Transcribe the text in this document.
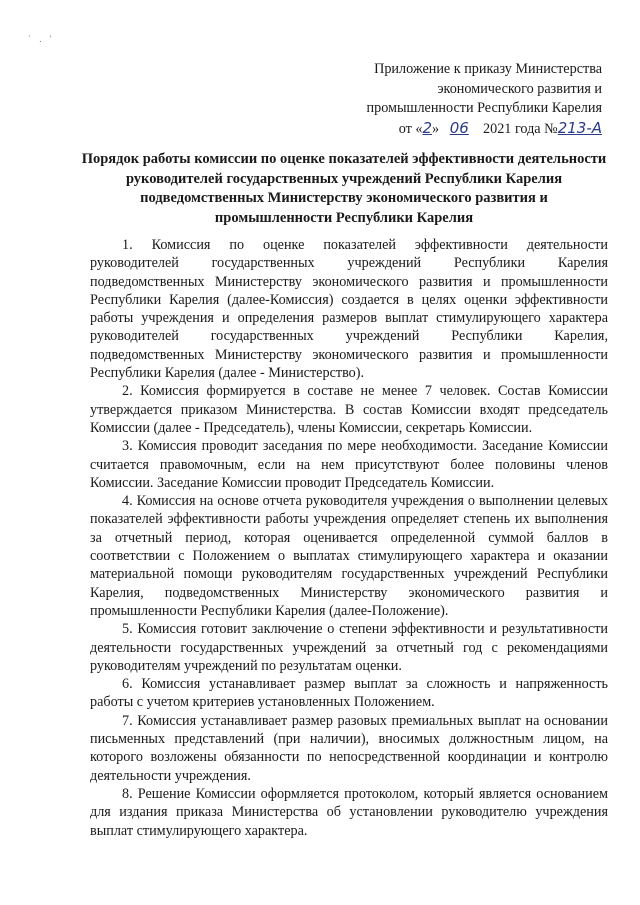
` . '
Приложение к приказу Министерства
экономического развития и
промышленности Республики Карелия
от «2» 06 2021 года №213-А
Порядок работы комиссии по оценке показателей эффективности деятельности руководителей государственных учреждений Республики Карелия подведомственных Министерству экономического развития и промышленности Республики Карелия

1. Комиссия по оценке показателей эффективности деятельности руководителей государственных учреждений Республики Карелия подведомственных Министерству экономического развития и промышленности Республики Карелия (далее-Комиссия) создается в целях оценки эффективности работы учреждения и определения размеров выплат стимулирующего характера руководителей государственных учреждений Республики Карелия, подведомственных Министерству экономического развития и промышленности Республики Карелия (далее - Министерство).

2. Комиссия формируется в составе не менее 7 человек. Состав Комиссии утверждается приказом Министерства. В состав Комиссии входят председатель Комиссии (далее - Председатель), члены Комиссии, секретарь Комиссии.

3. Комиссия проводит заседания по мере необходимости. Заседание Комиссии считается правомочным, если на нем присутствуют более половины членов Комиссии. Заседание Комиссии проводит Председатель Комиссии.

4. Комиссия на основе отчета руководителя учреждения о выполнении целевых показателей эффективности работы учреждения определяет степень их выполнения за отчетный период, которая оценивается определенной суммой баллов в соответствии с Положением о выплатах стимулирующего характера и оказании материальной помощи руководителям государственных учреждений Республики Карелия, подведомственных Министерству экономического развития и промышленности Республики Карелия (далее-Положение).

5. Комиссия готовит заключение о степени эффективности и результативности деятельности государственных учреждений за отчетный год с рекомендациями руководителям учреждений по результатам оценки.

6. Комиссия устанавливает размер выплат за сложность и напряженность работы с учетом критериев установленных Положением.

7. Комиссия устанавливает размер разовых премиальных выплат на основании письменных представлений (при наличии), вносимых должностным лицом, на которого возложены обязанности по непосредственной координации и контролю деятельности учреждения.

8. Решение Комиссии оформляется протоколом, который является основанием для издания приказа Министерства об установлении руководителю учреждения выплат стимулирующего характера.
